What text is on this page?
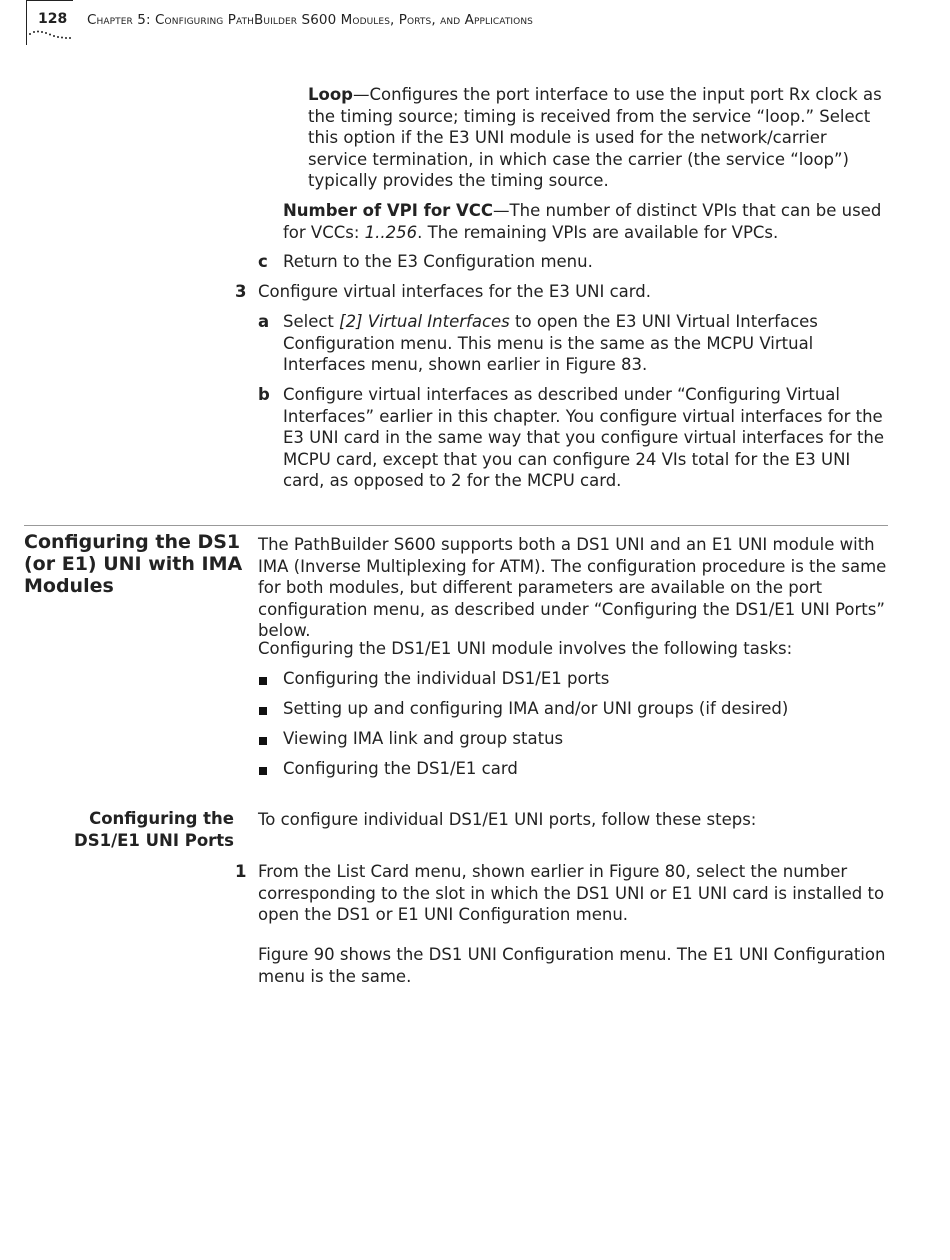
128 Chapter 5: Configuring PathBuilder S600 Modules, Ports, and Applications
Loop—Configures the port interface to use the input port Rx clock as the timing source; timing is received from the service “loop.” Select this option if the E3 UNI module is used for the network/carrier service termination, in which case the carrier (the service “loop”) typically provides the timing source.
Number of VPI for VCC—The number of distinct VPIs that can be used for VCCs: 1..256. The remaining VPIs are available for VPCs.
c Return to the E3 Configuration menu.
3 Configure virtual interfaces for the E3 UNI card.
a Select [2] Virtual Interfaces to open the E3 UNI Virtual Interfaces Configuration menu. This menu is the same as the MCPU Virtual Interfaces menu, shown earlier in Figure 83.
b Configure virtual interfaces as described under “Configuring Virtual Interfaces” earlier in this chapter. You configure virtual interfaces for the E3 UNI card in the same way that you configure virtual interfaces for the MCPU card, except that you can configure 24 VIs total for the E3 UNI card, as opposed to 2 for the MCPU card.
Configuring the DS1 (or E1) UNI with IMA Modules
The PathBuilder S600 supports both a DS1 UNI and an E1 UNI module with IMA (Inverse Multiplexing for ATM). The configuration procedure is the same for both modules, but different parameters are available on the port configuration menu, as described under “Configuring the DS1/E1 UNI Ports” below.
Configuring the DS1/E1 UNI module involves the following tasks:
Configuring the individual DS1/E1 ports
Setting up and configuring IMA and/or UNI groups (if desired)
Viewing IMA link and group status
Configuring the DS1/E1 card
Configuring the DS1/E1 UNI Ports
To configure individual DS1/E1 UNI ports, follow these steps:
1 From the List Card menu, shown earlier in Figure 80, select the number corresponding to the slot in which the DS1 UNI or E1 UNI card is installed to open the DS1 or E1 UNI Configuration menu.
Figure 90 shows the DS1 UNI Configuration menu. The E1 UNI Configuration menu is the same.
